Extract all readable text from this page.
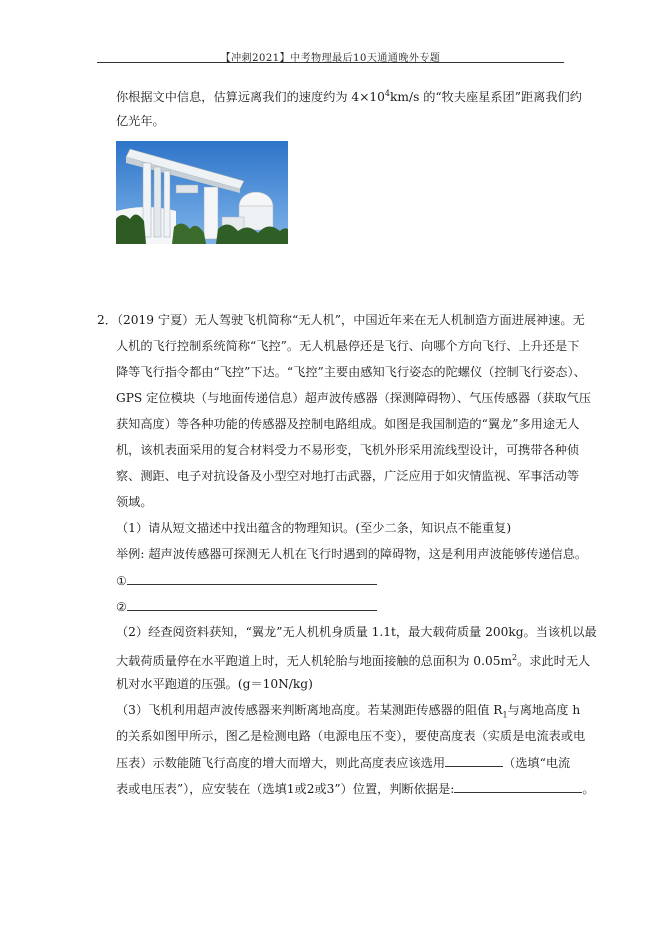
【冲刺2021】中考物理最后10天通通晚外专题
你根据文中信息，估算远离我们的速度约为 $4\times 10^4km/s$ 的“牧夫座星系团”距离我们约
亿光年。
2．（2019 宁夏）无人驾驶飞机简称“无人机”，中国近年来在无人机制造方面进展神速。无
人机的飞行控制系统简称“飞控”。无人机悬停还是飞行、向哪个方向飞行、上升还是下
降等飞行指令都由“飞控”下达。“飞控”主要由感知飞行姿态的陀螺仪（控制飞行姿态）、
GPS 定位模块（与地面传递信息）超声波传感器（探测障碍物）、气压传感器（获取气压
获知高度）等各种功能的传感器及控制电路组成。如图是我国制造的“翼龙”多用途无人
机，该机表面采用的复合材料受力不易形变，飞机外形采用流线型设计，可携带各种侦
察、测距、电子对抗设备及小型空对地打击武器，广泛应用于如灾情监视、军事活动等
领域。
（1）请从短文描述中找出蕴含的物理知识。(至少二条，知识点不能重复)
举例: 超声波传感器可探测无人机在飞行时遇到的障碍物，这是利用声波能够传递信息。
①
②
（2）经查阅资料获知，“翼龙”无人机机身质量 1.1t，最大载荷质量 200kg。当该机以最
大载荷质量停在水平跑道上时，无人机轮胎与地面接触的总面积为 $0.05m^2$。求此时无人
机对水平跑道的压强。(g＝10N/kg)
（3）飞机利用超声波传感器来判断离地高度。若某测距传感器的阻值 $R_1$与离地高度 h
的关系如图甲所示，图乙是检测电路（电源电压不变），要使高度表（实质是电流表或电
压表）示数能随飞行高度的增大而增大，则此高度表应该选用	（选填“电流
表或电压表”），应安装在（选填1或2或3”）位置，判断依据是:	。
